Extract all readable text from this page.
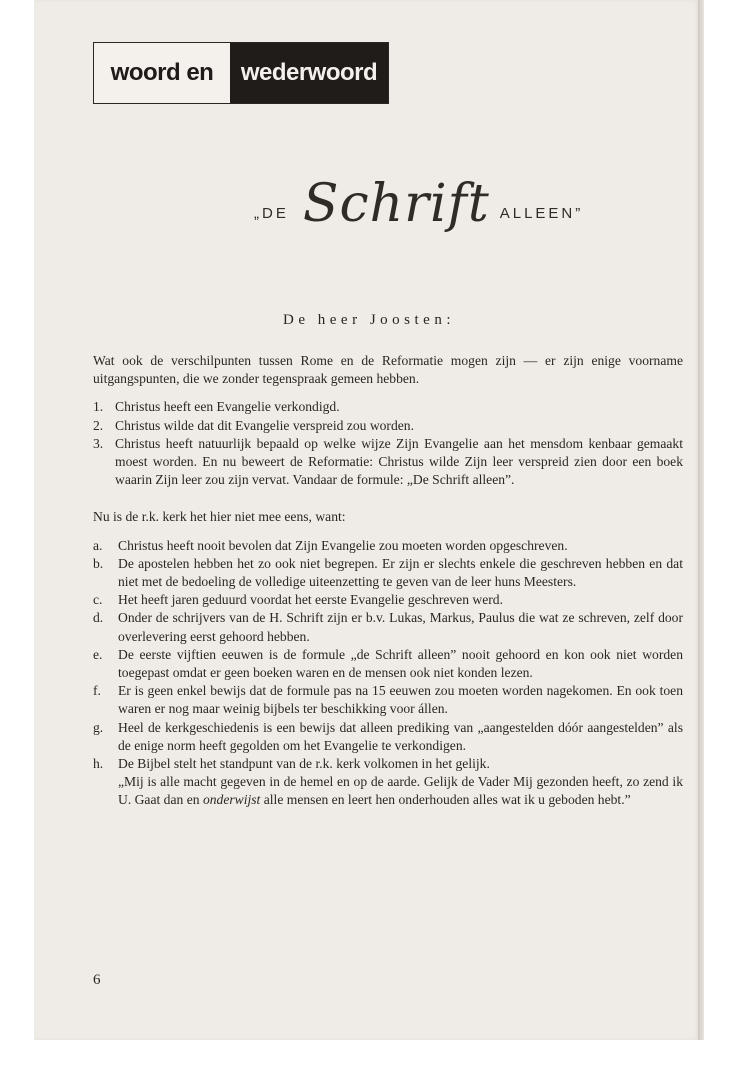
woord en	wederwoord
„DE Schrift ALLEEN”
De heer Joosten:

Wat ook de verschilpunten tussen Rome en de Reformatie mogen zijn — er zijn enige voorname uitgangspunten, die we zonder tegenspraak gemeen hebben.

1. Christus heeft een Evangelie verkondigd.
2. Christus wilde dat dit Evangelie verspreid zou worden.
3. Christus heeft natuurlijk bepaald op welke wijze Zijn Evangelie aan het mensdom kenbaar gemaakt moest worden. En nu beweert de Reformatie: Christus wilde Zijn leer verspreid zien door een boek waarin Zijn leer zou zijn vervat. Vandaar de formule: „De Schrift alleen”.

Nu is de r.k. kerk het hier niet mee eens, want:

a.	Christus heeft nooit bevolen dat Zijn Evangelie zou moeten worden opgeschreven.
b.	De apostelen hebben het zo ook niet begrepen. Er zijn er slechts enkele die geschreven hebben en dat niet met de bedoeling de volledige uiteenzetting te geven van de leer huns Meesters.
c.	Het heeft jaren geduurd voordat het eerste Evangelie geschreven werd.
d.	Onder de schrijvers van de H. Schrift zijn er b.v. Lukas, Markus, Paulus die wat ze schreven, zelf door overlevering eerst gehoord hebben.
e.	De eerste vijftien eeuwen is de formule „de Schrift alleen” nooit gehoord en kon ook niet worden toegepast omdat er geen boeken waren en de mensen ook niet konden lezen.
f.	Er is geen enkel bewijs dat de formule pas na 15 eeuwen zou moeten worden nagekomen. En ook toen waren er nog maar weinig bijbels ter beschikking voor állen.
g.	Heel de kerkgeschiedenis is een bewijs dat alleen prediking van „aangestelden dóór aangestelden” als de enige norm heeft gegolden om het Evangelie te verkondigen.
h.	De Bijbel stelt het standpunt van de r.k. kerk volkomen in het gelijk.
„Mij is alle macht gegeven in de hemel en op de aarde. Gelijk de Vader Mij gezonden heeft, zo zend ik U. Gaat dan en onderwijst alle mensen en leert hen onderhouden alles wat ik u geboden hebt.”
6
